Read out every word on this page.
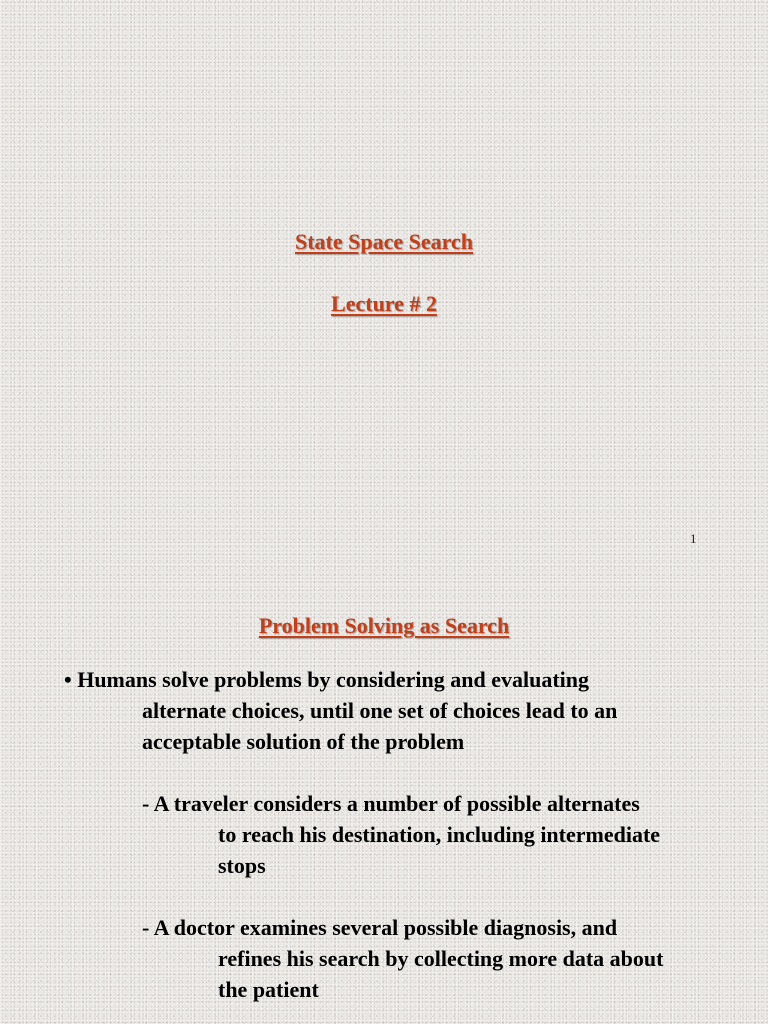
State Space Search
Lecture # 2
1
Problem Solving as Search
• Humans solve problems by considering and evaluating
alternate choices, until one set of choices lead to an
acceptable solution of the problem
- A traveler considers a number of possible alternates
to reach his destination, including intermediate
stops
- A doctor examines several possible diagnosis, and
refines his search by collecting more data about
the patient
